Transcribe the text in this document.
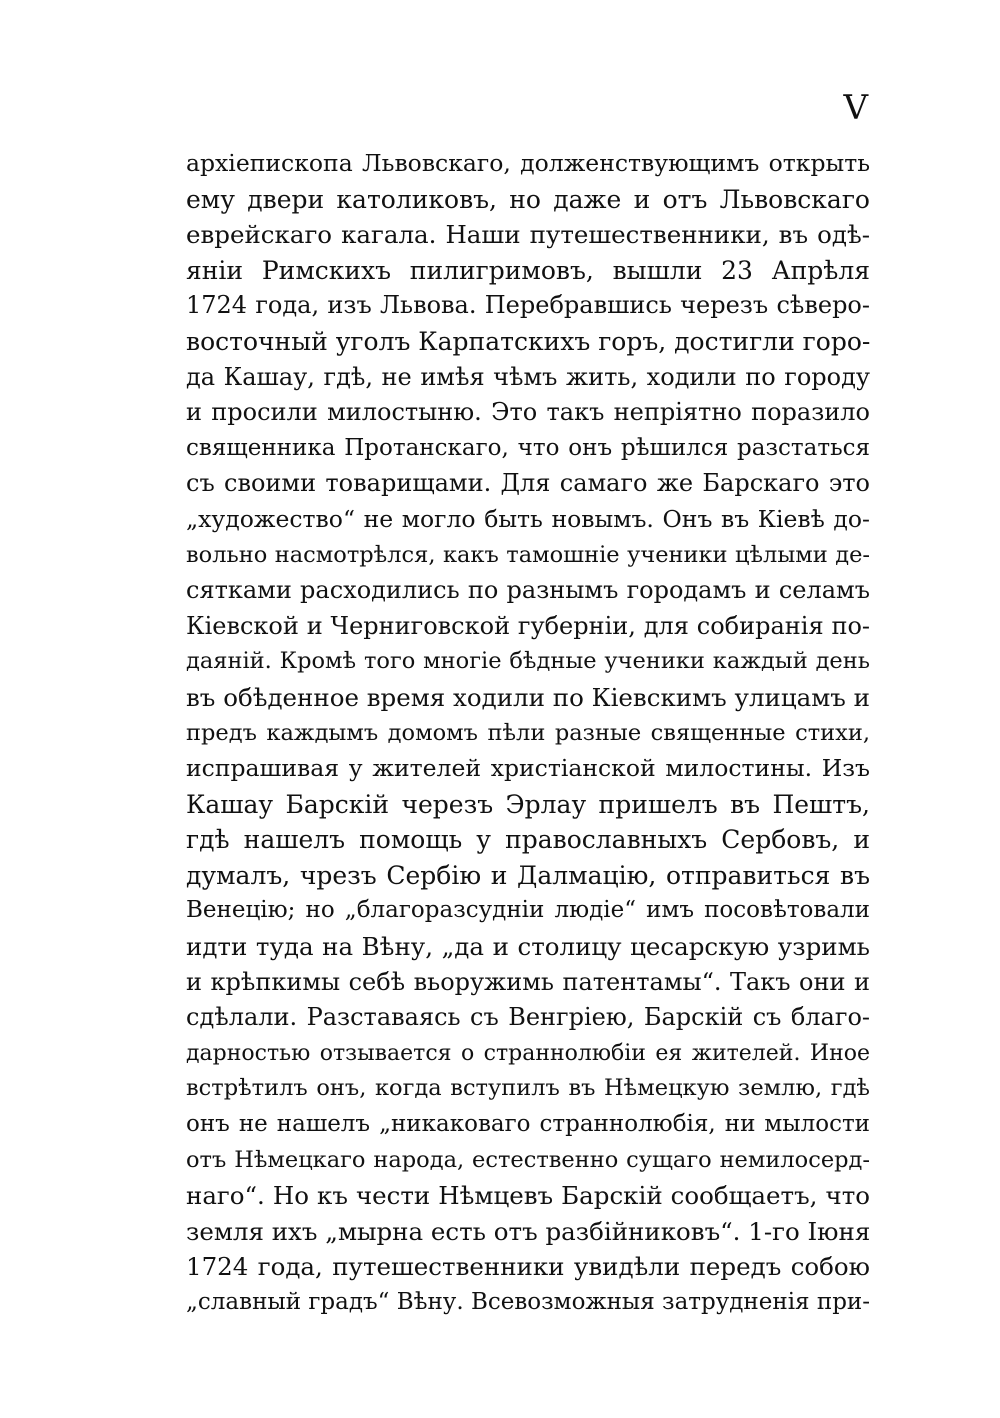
V
архіепископа Львовскаго, долженствующимъ открыть
ему двери католиковъ, но даже и отъ Львовскаго
еврейскаго кагала. Наши путешественники, въ одѣ-
яніи Римскихъ пилигримовъ, вышли 23 Апрѣля
1724 года, изъ Львова. Перебравшись черезъ сѣверо-
восточный уголъ Карпатскихъ горъ, достигли горо-
да Кашау, гдѣ, не имѣя чѣмъ жить, ходили по городу
и просили милостыню. Это такъ непріятно поразило
священника Протанскаго, что онъ рѣшился разстаться
съ своими товарищами. Для самаго же Барскаго это
„художество“ не могло быть новымъ. Онъ въ Кіевѣ до-
вольно насмотрѣлся, какъ тамошніе ученики цѣлыми де-
сятками расходились по разнымъ городамъ и селамъ
Кіевской и Черниговской губерніи, для собиранія по-
даяній. Кромѣ того многіе бѣдные ученики каждый день
въ обѣденное время ходили по Кіевскимъ улицамъ и
предъ каждымъ домомъ пѣли разные священные стихи,
испрашивая у жителей христіанской милостины. Изъ
Кашау Барскій черезъ Эрлау пришелъ въ Пештъ,
гдѣ нашелъ помощь у православныхъ Сербовъ, и
думалъ, чрезъ Сербію и Далмацію, отправиться въ
Венецію; но „благоразсудніи людіе“ имъ посовѣтовали
идти туда на Вѣну, „да и столицу цесарскую узримь
и крѣпкимы себѣ вьоружимь патентамы“. Такъ они и
сдѣлали. Разставаясь съ Венгріею, Барскій съ благо-
дарностью отзывается о страннолюбіи ея жителей. Иное
встрѣтилъ онъ, когда вступилъ въ Нѣмецкую землю, гдѣ
онъ не нашелъ „никаковаго страннолюбія, ни мылости
отъ Нѣмецкаго народа, естественно сущаго немилосерд-
наго“. Но къ чести Нѣмцевъ Барскій сообщаетъ, что
земля ихъ „мырна есть отъ разбійниковъ“. 1-го Іюня
1724 года, путешественники увидѣли передъ собою
„славный градъ“ Вѣну. Всевозможныя затрудненія при-
